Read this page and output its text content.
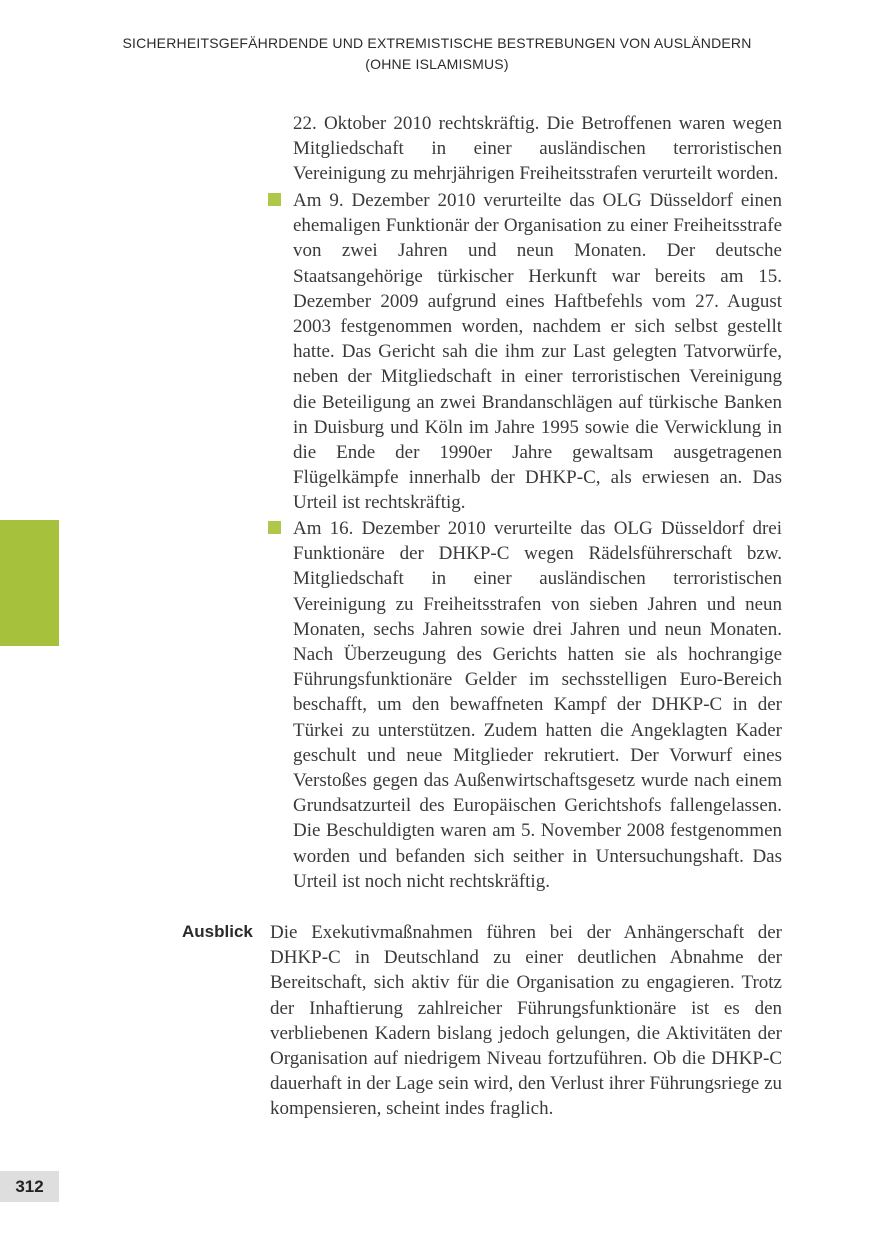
SICHERHEITSGEFÄHRDENDE UND EXTREMISTISCHE BESTREBUNGEN VON AUSLÄNDERN
(OHNE ISLAMISMUS)
22. Oktober 2010 rechtskräftig. Die Betroffenen waren wegen Mitgliedschaft in einer ausländischen terroristischen Vereinigung zu mehrjährigen Freiheitsstrafen verurteilt worden.
Am 9. Dezember 2010 verurteilte das OLG Düsseldorf einen ehemaligen Funktionär der Organisation zu einer Freiheitsstrafe von zwei Jahren und neun Monaten. Der deutsche Staatsangehörige türkischer Herkunft war bereits am 15. Dezember 2009 aufgrund eines Haftbefehls vom 27. August 2003 festgenommen worden, nachdem er sich selbst gestellt hatte. Das Gericht sah die ihm zur Last gelegten Tatvorwürfe, neben der Mitgliedschaft in einer terroristischen Vereinigung die Beteiligung an zwei Brandanschlägen auf türkische Banken in Duisburg und Köln im Jahre 1995 sowie die Verwicklung in die Ende der 1990er Jahre gewaltsam ausgetragenen Flügelkämpfe innerhalb der DHKP-C, als erwiesen an. Das Urteil ist rechtskräftig.
Am 16. Dezember 2010 verurteilte das OLG Düsseldorf drei Funktionäre der DHKP-C wegen Rädelsführerschaft bzw. Mitgliedschaft in einer ausländischen terroristischen Vereinigung zu Freiheitsstrafen von sieben Jahren und neun Monaten, sechs Jahren sowie drei Jahren und neun Monaten. Nach Überzeugung des Gerichts hatten sie als hochrangige Führungsfunktionäre Gelder im sechsstelligen Euro-Bereich beschafft, um den bewaffneten Kampf der DHKP-C in der Türkei zu unterstützen. Zudem hatten die Angeklagten Kader geschult und neue Mitglieder rekrutiert. Der Vorwurf eines Verstoßes gegen das Außenwirtschaftsgesetz wurde nach einem Grundsatzurteil des Europäischen Gerichtshofs fallengelassen. Die Beschuldigten waren am 5. November 2008 festgenommen worden und befanden sich seither in Untersuchungshaft. Das Urteil ist noch nicht rechtskräftig.
Ausblick Die Exekutivmaßnahmen führen bei der Anhängerschaft der DHKP-C in Deutschland zu einer deutlichen Abnahme der Bereitschaft, sich aktiv für die Organisation zu engagieren. Trotz der Inhaftierung zahlreicher Führungsfunktionäre ist es den verbliebenen Kadern bislang jedoch gelungen, die Aktivitäten der Organisation auf niedrigem Niveau fortzuführen. Ob die DHKP-C dauerhaft in der Lage sein wird, den Verlust ihrer Führungsriege zu kompensieren, scheint indes fraglich.
312
